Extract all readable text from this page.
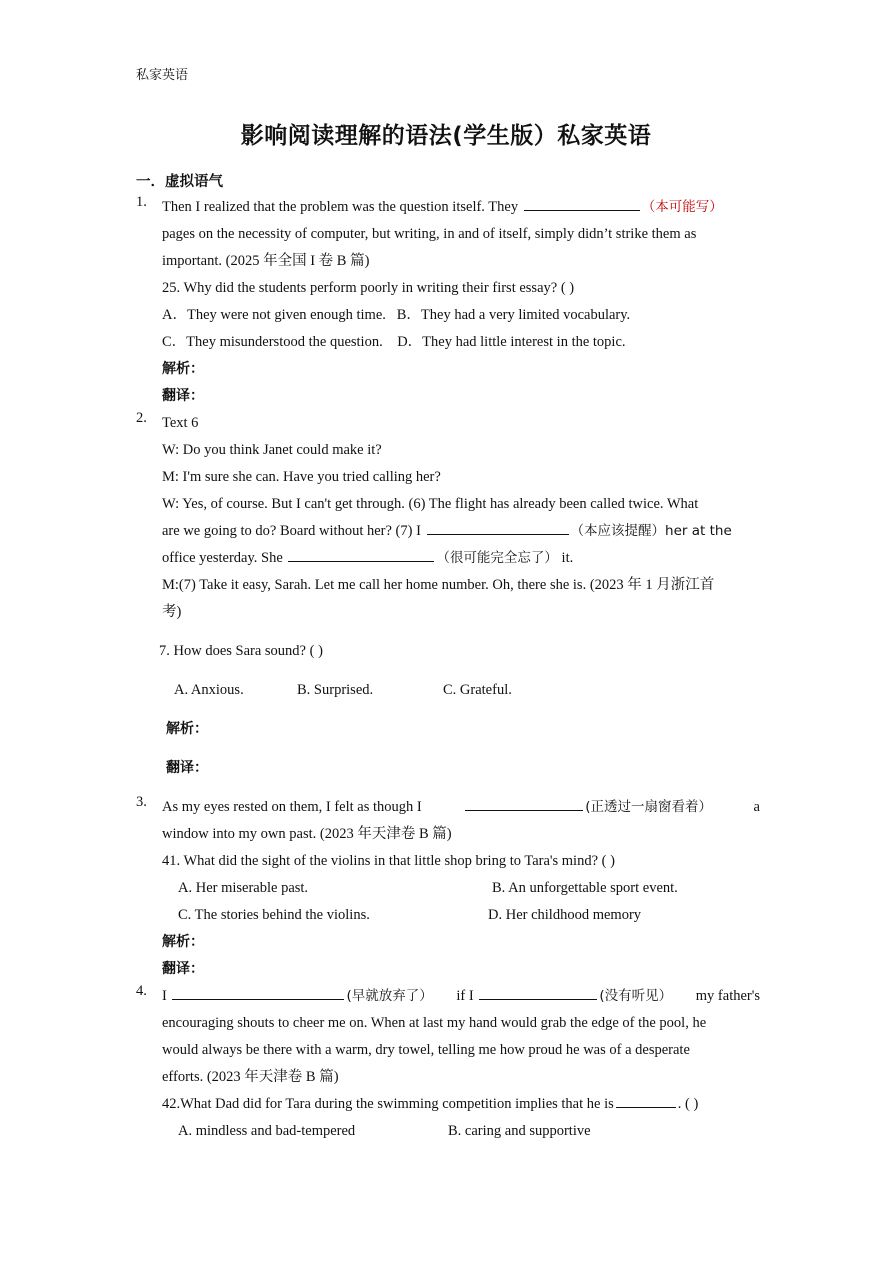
私家英语
影响阅读理解的语法(学生版）私家英语
一．虚拟语气
1. Then I realized that the problem was the question itself. They	（本可能写）
pages on the necessity of computer, but writing, in and of itself, simply didn’t strike them as
important. (2025 年全国 I 卷 B 篇)
25. Why did the students perform poorly in writing their first essay? ( )
A．They were not given enough time. B．They had a very limited vocabulary.
C．They misunderstood the question. D．They had little interest in the topic.
解析：
翻译：
2. Text 6
W: Do you think Janet could make it?
M: I'm sure she can. Have you tried calling her?
W: Yes, of course. But I can't get through. (6) The flight has already been called twice. What
are we going to do? Board without her? (7) I	（本应该提醒）her at the
office yesterday. She	（很可能完全忘了） it.
M:(7) Take it easy, Sarah. Let me call her home number. Oh, there she is. (2023 年 1 月浙江首
考)
7. How does Sara sound? ( )
A. Anxious.	B. Surprised.	C. Grateful.
解析：
翻译：
3. As my eyes rested on them, I felt as though I	(正透过一扇窗看着）	a
window into my own past. (2023 年天津卷 B 篇)
41. What did the sight of the violins in that little shop bring to Tara's mind? ( )
A. Her miserable past.	B. An unforgettable sport event.
C. The stories behind the violins.	D. Her childhood memory
解析：
翻译：
4. I	(早就放弃了） if I	(没有听见） my father's
encouraging shouts to cheer me on. When at last my hand would grab the edge of the pool, he
would always be there with a warm, dry towel, telling me how proud he was of a desperate
efforts. (2023 年天津卷 B 篇)
42.What Dad did for Tara during the swimming competition implies that he is	. ( )
A. mindless and bad-tempered	B. caring and supportive
